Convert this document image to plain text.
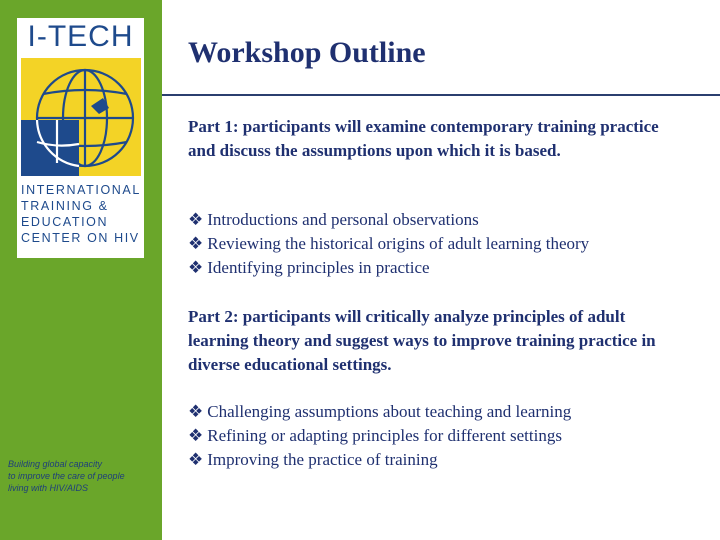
I-TECH
INTERNATIONAL
TRAINING &
EDUCATION
CENTER ON HIV
Building global capacity
to improve the care of people
living with HIV/AIDS
Workshop Outline
Part 1: participants will examine contemporary training practice and discuss the assumptions upon which it is based.
❖ Introductions and personal observations
❖ Reviewing the historical origins of adult learning theory
❖ Identifying principles in practice
Part 2: participants will critically analyze principles of adult learning theory and suggest ways to improve training practice in diverse educational settings.
❖ Challenging assumptions about teaching and learning
❖ Refining or adapting principles for different settings
❖ Improving the practice of training
